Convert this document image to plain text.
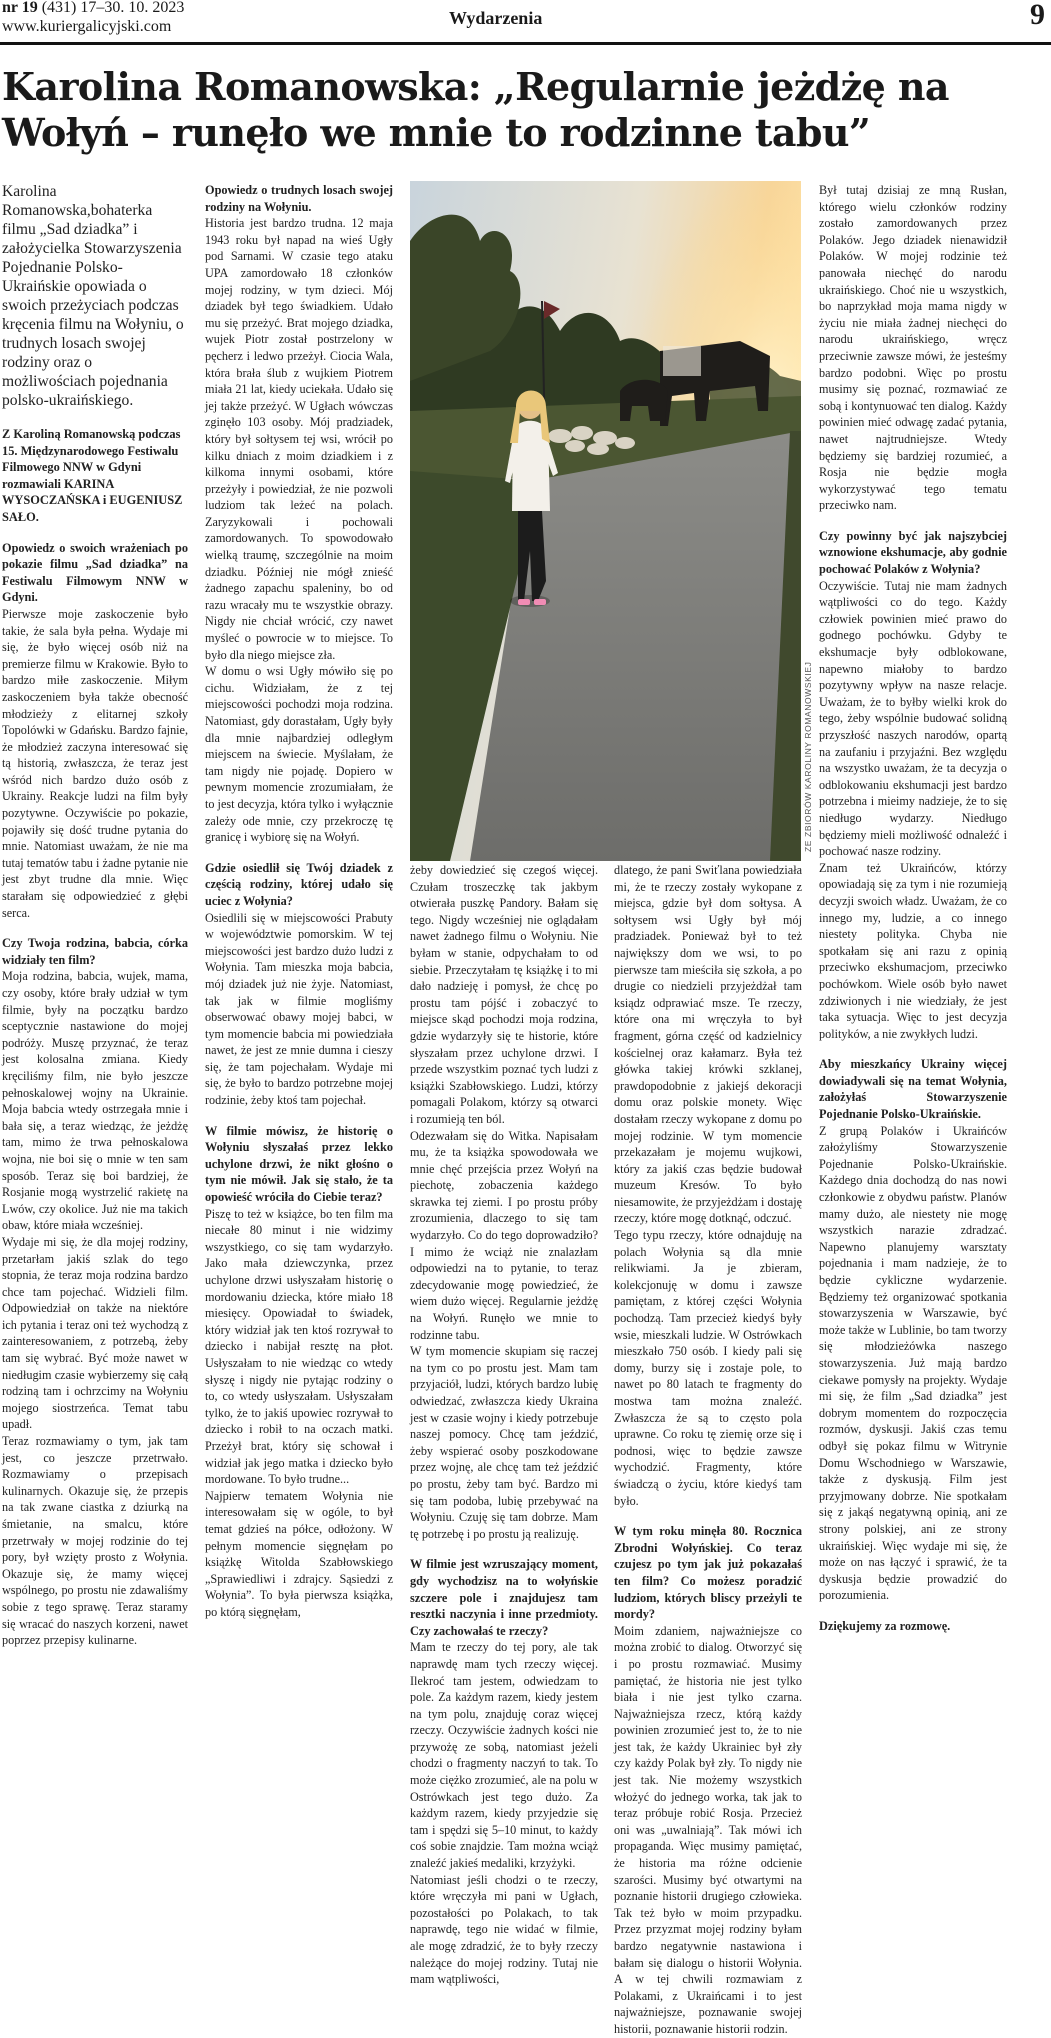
nr 19 (431) 17–30. 10. 2023
www.kuriergalicyjski.com	Wydarzenia	9
Karolina Romanowska: „Regularnie jeżdżę na Wołyń – runęło we mnie to rodzinne tabu”

Karolina Romanowska,bohaterka filmu „Sad dziadka” i założycielka Stowarzyszenia Pojednanie Polsko-Ukraińskie opowiada o swoich przeżyciach podczas kręcenia filmu na Wołyniu, o trudnych losach swojej rodziny oraz o możliwościach pojednania polsko-ukraińskiego.

Z Karoliną Romanowską podczas 15. Międzynarodowego Festiwalu Filmowego NNW w Gdyni rozmawiali KARINA WYSOCZAŃSKA i EUGENIUSZ SAŁO.

Opowiedz o swoich wrażeniach po pokazie filmu „Sad dziadka” na Festiwalu Filmowym NNW w Gdyni.

Pierwsze moje zaskoczenie było takie, że sala była pełna. Wydaje mi się, że było więcej osób niż na premierze filmu w Krakowie. Było to bardzo miłe zaskoczenie. Miłym zaskoczeniem była także obecność młodzieży z elitarnej szkoły Topolówki w Gdańsku. Bardzo fajnie, że młodzież zaczyna interesować się tą historią, zwłaszcza, że teraz jest wśród nich bardzo dużo osób z Ukrainy. Reakcje ludzi na film były pozytywne. Oczywiście po pokazie, pojawiły się dość trudne pytania do mnie. Natomiast uważam, że nie ma tutaj tematów tabu i żadne pytanie nie jest zbyt trudne dla mnie. Więc starałam się odpowiedzieć z głębi serca.

Czy Twoja rodzina, babcia, córka widziały ten film?

Moja rodzina, babcia, wujek, mama, czy osoby, które brały udział w tym filmie, były na początku bardzo sceptycznie nastawione do mojej podróży. Muszę przyznać, że teraz jest kolosalna zmiana. Kiedy kręciliśmy film, nie było jeszcze pełnoskalowej wojny na Ukrainie. Moja babcia wtedy ostrzegała mnie i bała się, a teraz wiedząc, że jeżdżę tam, mimo że trwa pełnoskalowa wojna, nie boi się o mnie w ten sam sposób. Teraz się boi bardziej, że Rosjanie mogą wystrzelić rakietę na Lwów, czy okolice. Już nie ma takich obaw, które miała wcześniej.

Wydaje mi się, że dla mojej rodziny, przetarłam jakiś szlak do tego stopnia, że teraz moja rodzina bardzo chce tam pojechać. Widzieli film. Odpowiedział on także na niektóre ich pytania i teraz oni też wychodzą z zainteresowaniem, z potrzebą, żeby tam się wybrać. Być może nawet w niedługim czasie wybierzemy się całą rodziną tam i ochrzcimy na Wołyniu mojego siostrzeńca. Temat tabu upadł.

Teraz rozmawiamy o tym, jak tam jest, co jeszcze przetrwało. Rozmawiamy o przepisach kulinarnych. Okazuje się, że przepis na tak zwane ciastka z dziurką na śmietanie, na smalcu, które przetrwały w mojej rodzinie do tej pory, był wzięty prosto z Wołynia. Okazuje się, że mamy więcej wspólnego, po prostu nie zdawaliśmy sobie z tego sprawę. Teraz staramy się wracać do naszych korzeni, nawet poprzez przepisy kulinarne.

Opowiedz o trudnych losach swojej rodziny na Wołyniu.

Historia jest bardzo trudna. 12 maja 1943 roku był napad na wieś Ugły pod Sarnami. W czasie tego ataku UPA zamordowało 18 członków mojej rodziny, w tym dzieci. Mój dziadek był tego świadkiem. Udało mu się przeżyć. Brat mojego dziadka, wujek Piotr został postrzelony w pęcherz i ledwo przeżył. Ciocia Wala, która brała ślub z wujkiem Piotrem miała 21 lat, kiedy uciekała. Udało się jej także przeżyć. W Ugłach wówczas zginęło 103 osoby. Mój pradziadek, który był sołtysem tej wsi, wrócił po kilku dniach z moim dziadkiem i z kilkoma innymi osobami, które przeżyły i powiedział, że nie pozwoli ludziom tak leżeć na polach. Zaryzykowali i pochowali zamordowanych. To spowodowało wielką traumę, szczególnie na moim dziadku. Później nie mógł znieść żadnego zapachu spaleniny, bo od razu wracały mu te wszystkie obrazy. Nigdy nie chciał wrócić, czy nawet myśleć o powrocie w to miejsce. To było dla niego miejsce zła.

W domu o wsi Ugły mówiło się po cichu. Widziałam, że z tej miejscowości pochodzi moja rodzina. Natomiast, gdy dorastałam, Ugły były dla mnie najbardziej odległym miejscem na świecie. Myślałam, że tam nigdy nie pojadę. Dopiero w pewnym momencie zrozumiałam, że to jest decyzja, która tylko i wyłącznie zależy ode mnie, czy przekroczę tę granicę i wybiorę się na Wołyń.

Gdzie osiedlił się Twój dziadek z częścią rodziny, której udało się uciec z Wołynia?

Osiedlili się w miejscowości Prabuty w województwie pomorskim. W tej miejscowości jest bardzo dużo ludzi z Wołynia. Tam mieszka moja babcia, mój dziadek już nie żyje. Natomiast, tak jak w filmie mogliśmy obserwować obawy mojej babci, w tym momencie babcia mi powiedziała nawet, że jest ze mnie dumna i cieszy się, że tam pojechałam. Wydaje mi się, że było to bardzo potrzebne mojej rodzinie, żeby ktoś tam pojechał.

W filmie mówisz, że historię o Wołyniu słyszałaś przez lekko uchylone drzwi, że nikt głośno o tym nie mówił. Jak się stało, że ta opowieść wróciła do Ciebie teraz?

Piszę to też w książce, bo ten film ma niecałe 80 minut i nie widzimy wszystkiego, co się tam wydarzyło. Jako mała dziewczynka, przez uchylone drzwi usłyszałam historię o mordowaniu dziecka, które miało 18 miesięcy. Opowiadał to świadek, który widział jak ten ktoś rozrywał to dziecko i nabijał resztę na płot. Usłyszałam to nie wiedząc co wtedy słyszę i nigdy nie pytając rodziny o to, co wtedy usłyszałam. Usłyszałam tylko, że to jakiś upowiec rozrywał to dziecko i robił to na oczach matki. Przeżył brat, który się schował i widział jak jego matka i dziecko było mordowane. To było trudne...

Najpierw tematem Wołynia nie interesowałam się w ogóle, to był temat gdzieś na półce, odłożony. W pełnym momencie sięgnęłam po książkę Witolda Szabłowskiego „Sprawiedliwi i zdrajcy. Sąsiedzi z Wołynia”. To była pierwsza książka, po którą sięgnęłam,

ZE ZBIORÓW KAROLINY ROMANOWSKIEJ

żeby dowiedzieć się czegoś więcej. Czułam troszeczkę tak jakbym otwierała puszkę Pandory. Bałam się tego. Nigdy wcześniej nie oglądałam nawet żadnego filmu o Wołyniu. Nie byłam w stanie, odpychałam to od siebie. Przeczytałam tę książkę i to mi dało nadzieję i pomysł, że chcę po prostu tam pójść i zobaczyć to miejsce skąd pochodzi moja rodzina, gdzie wydarzyły się te historie, które słyszałam przez uchylone drzwi. I przede wszystkim poznać tych ludzi z książki Szabłowskiego. Ludzi, którzy pomagali Polakom, którzy są otwarci i rozumieją ten ból.

Odezwałam się do Witka. Napisałam mu, że ta książka spowodowała we mnie chęć przejścia przez Wołyń na piechotę, zobaczenia każdego skrawka tej ziemi. I po prostu próby zrozumienia, dlaczego to się tam wydarzyło. Co do tego doprowadziło? I mimo że wciąż nie znalazłam odpowiedzi na to pytanie, to teraz zdecydowanie mogę powiedzieć, że wiem dużo więcej. Regularnie jeżdżę na Wołyń. Runęło we mnie to rodzinne tabu.

W tym momencie skupiam się raczej na tym co po prostu jest. Mam tam przyjaciół, ludzi, których bardzo lubię odwiedzać, zwłaszcza kiedy Ukraina jest w czasie wojny i kiedy potrzebuje naszej pomocy. Chcę tam jeździć, żeby wspierać osoby poszkodowane przez wojnę, ale chcę tam też jeździć po prostu, żeby tam być. Bardzo mi się tam podoba, lubię przebywać na Wołyniu. Czuję się tam dobrze. Mam tę potrzebę i po prostu ją realizuję.

W filmie jest wzruszający moment, gdy wychodzisz na to wołyńskie szczere pole i znajdujesz tam resztki naczynia i inne przedmioty. Czy zachowałaś te rzeczy?

Mam te rzeczy do tej pory, ale tak naprawdę mam tych rzeczy więcej. Ilekroć tam jestem, odwiedzam to pole. Za każdym razem, kiedy jestem na tym polu, znajduję coraz więcej rzeczy. Oczywiście żadnych kości nie przywożę ze sobą, natomiast jeżeli chodzi o fragmenty naczyń to tak. To może ciężko zrozumieć, ale na polu w Ostrówkach jest tego dużo. Za każdym razem, kiedy przyjedzie się tam i spędzi się 5–10 minut, to każdy coś sobie znajdzie. Tam można wciąż znaleźć jakieś medaliki, krzyżyki.

Natomiast jeśli chodzi o te rzeczy, które wręczyła mi pani w Ugłach, pozostałości po Polakach, to tak naprawdę, tego nie widać w filmie, ale mogę zdradzić, że to były rzeczy należące do mojej rodziny. Tutaj nie mam wątpliwości,

dlatego, że pani Swiťlana powiedziała mi, że te rzeczy zostały wykopane z miejsca, gdzie był dom sołtysa. A sołtysem wsi Ugły był mój pradziadek. Ponieważ był to też największy dom we wsi, to po pierwsze tam mieściła się szkoła, a po drugie co niedzieli przyjeżdżał tam ksiądz odprawiać msze. Te rzeczy, które ona mi wręczyła to był fragment, górna część od kadzielnicy kościelnej oraz kałamarz. Była też główka takiej krówki szklanej, prawdopodobnie z jakiejś dekoracji domu oraz polskie monety. Więc dostałam rzeczy wykopane z domu po mojej rodzinie. W tym momencie przekazałam je mojemu wujkowi, który za jakiś czas będzie budował muzeum Kresów. To było niesamowite, że przyjeżdżam i dostaję rzeczy, które mogę dotknąć, odczuć.

Tego typu rzeczy, które odnajduję na polach Wołynia są dla mnie relikwiami. Ja je zbieram, kolekcjonuję w domu i zawsze pamiętam, z której części Wołynia pochodzą. Tam przecież kiedyś były wsie, mieszkali ludzie. W Ostrówkach mieszkało 750 osób. I kiedy pali się domy, burzy się i zostaje pole, to nawet po 80 latach te fragmenty do mostwa tam można znaleźć. Zwłaszcza że są to często pola uprawne. Co roku tę ziemię orze się i podnosi, więc to będzie zawsze wychodzić. Fragmenty, które świadczą o życiu, które kiedyś tam było.

W tym roku minęła 80. Rocznica Zbrodni Wołyńskiej. Co teraz czujesz po tym jak już pokazałaś ten film? Co możesz poradzić ludziom, których bliscy przeżyli te mordy?

Moim zdaniem, najważniejsze co można zrobić to dialog. Otworzyć się i po prostu rozmawiać. Musimy pamiętać, że historia nie jest tylko biała i nie jest tylko czarna. Najważniejsza rzecz, którą każdy powinien zrozumieć jest to, że to nie jest tak, że każdy Ukrainiec był zły czy każdy Polak był zły. To nigdy nie jest tak. Nie możemy wszystkich włożyć do jednego worka, tak jak to teraz próbuje robić Rosja. Przecież oni was „uwalniają”. Tak mówi ich propaganda. Więc musimy pamiętać, że historia ma różne odcienie szarości. Musimy być otwartymi na poznanie historii drugiego człowieka. Tak też było w moim przypadku. Przez przyzmat mojej rodziny byłam bardzo negatywnie nastawiona i bałam się dialogu o historii Wołynia. A w tej chwili rozmawiam z Polakami, z Ukraińcami i to jest najważniejsze, poznawanie swojej historii, poznawanie historii rodzin.

Był tutaj dzisiaj ze mną Rusłan, którego wielu członków rodziny zostało zamordowanych przez Polaków. Jego dziadek nienawidził Polaków. W mojej rodzinie też panowała niechęć do narodu ukraińskiego. Choć nie u wszystkich, bo naprzykład moja mama nigdy w życiu nie miała żadnej niechęci do narodu ukraińskiego, wręcz przeciwnie zawsze mówi, że jesteśmy bardzo podobni. Więc po prostu musimy się poznać, rozmawiać ze sobą i kontynuować ten dialog. Każdy powinien mieć odwagę zadać pytania, nawet najtrudniejsze. Wtedy będziemy się bardziej rozumieć, a Rosja nie będzie mogła wykorzystywać tego tematu przeciwko nam.

Czy powinny być jak najszybciej wznowione ekshumacje, aby godnie pochować Polaków z Wołynia?

Oczywiście. Tutaj nie mam żadnych wątpliwości co do tego. Każdy człowiek powinien mieć prawo do godnego pochówku. Gdyby te ekshumacje były odblokowane, napewno miałoby to bardzo pozytywny wpływ na nasze relacje. Uważam, że to byłby wielki krok do tego, żeby wspólnie budować solidną przyszłość naszych narodów, opartą na zaufaniu i przyjaźni. Bez względu na wszystko uważam, że ta decyzja o odblokowaniu ekshumacji jest bardzo potrzebna i mieimy nadzieje, że to się niedługo wydarzy. Niedługo będziemy mieli możliwość odnaleźć i pochować nasze rodziny.

Znam też Ukraińców, którzy opowiadają się za tym i nie rozumieją decyzji swoich władz. Uważam, że co innego my, ludzie, a co innego niestety polityka. Chyba nie spotkałam się ani razu z opinią przeciwko ekshumacjom, przeciwko pochówkom. Wiele osób było nawet zdziwionych i nie wiedziały, że jest taka sytuacja. Więc to jest decyzja polityków, a nie zwykłych ludzi.

Aby mieszkańcy Ukrainy więcej dowiadywali się na temat Wołynia, założyłaś Stowarzyszenie Pojednanie Polsko-Ukraińskie.

Z grupą Polaków i Ukraińców założyliśmy Stowarzyszenie Pojednanie Polsko-Ukraińskie. Każdego dnia dochodzą do nas nowi członkowie z obydwu państw. Planów mamy dużo, ale niestety nie mogę wszystkich narazie zdradzać. Napewno planujemy warsztaty pojednania i mam nadzieje, że to będzie cykliczne wydarzenie. Będziemy też organizować spotkania stowarzyszenia w Warszawie, być może także w Lublinie, bo tam tworzy się młodzieżówka naszego stowarzyszenia. Już mają bardzo ciekawe pomysły na projekty. Wydaje mi się, że film „Sad dziadka” jest dobrym momentem do rozpoczęcia rozmów, dyskusji. Jakiś czas temu odbył się pokaz filmu w Witrynie Domu Wschodniego w Warszawie, także z dyskusją. Film jest przyjmowany dobrze. Nie spotkałam się z jakąś negatywną opinią, ani ze strony polskiej, ani ze strony ukraińskiej. Więc wydaje mi się, że może on nas łączyć i sprawić, że ta dyskusja będzie prowadzić do porozumienia.

Dziękujemy za rozmowę.
